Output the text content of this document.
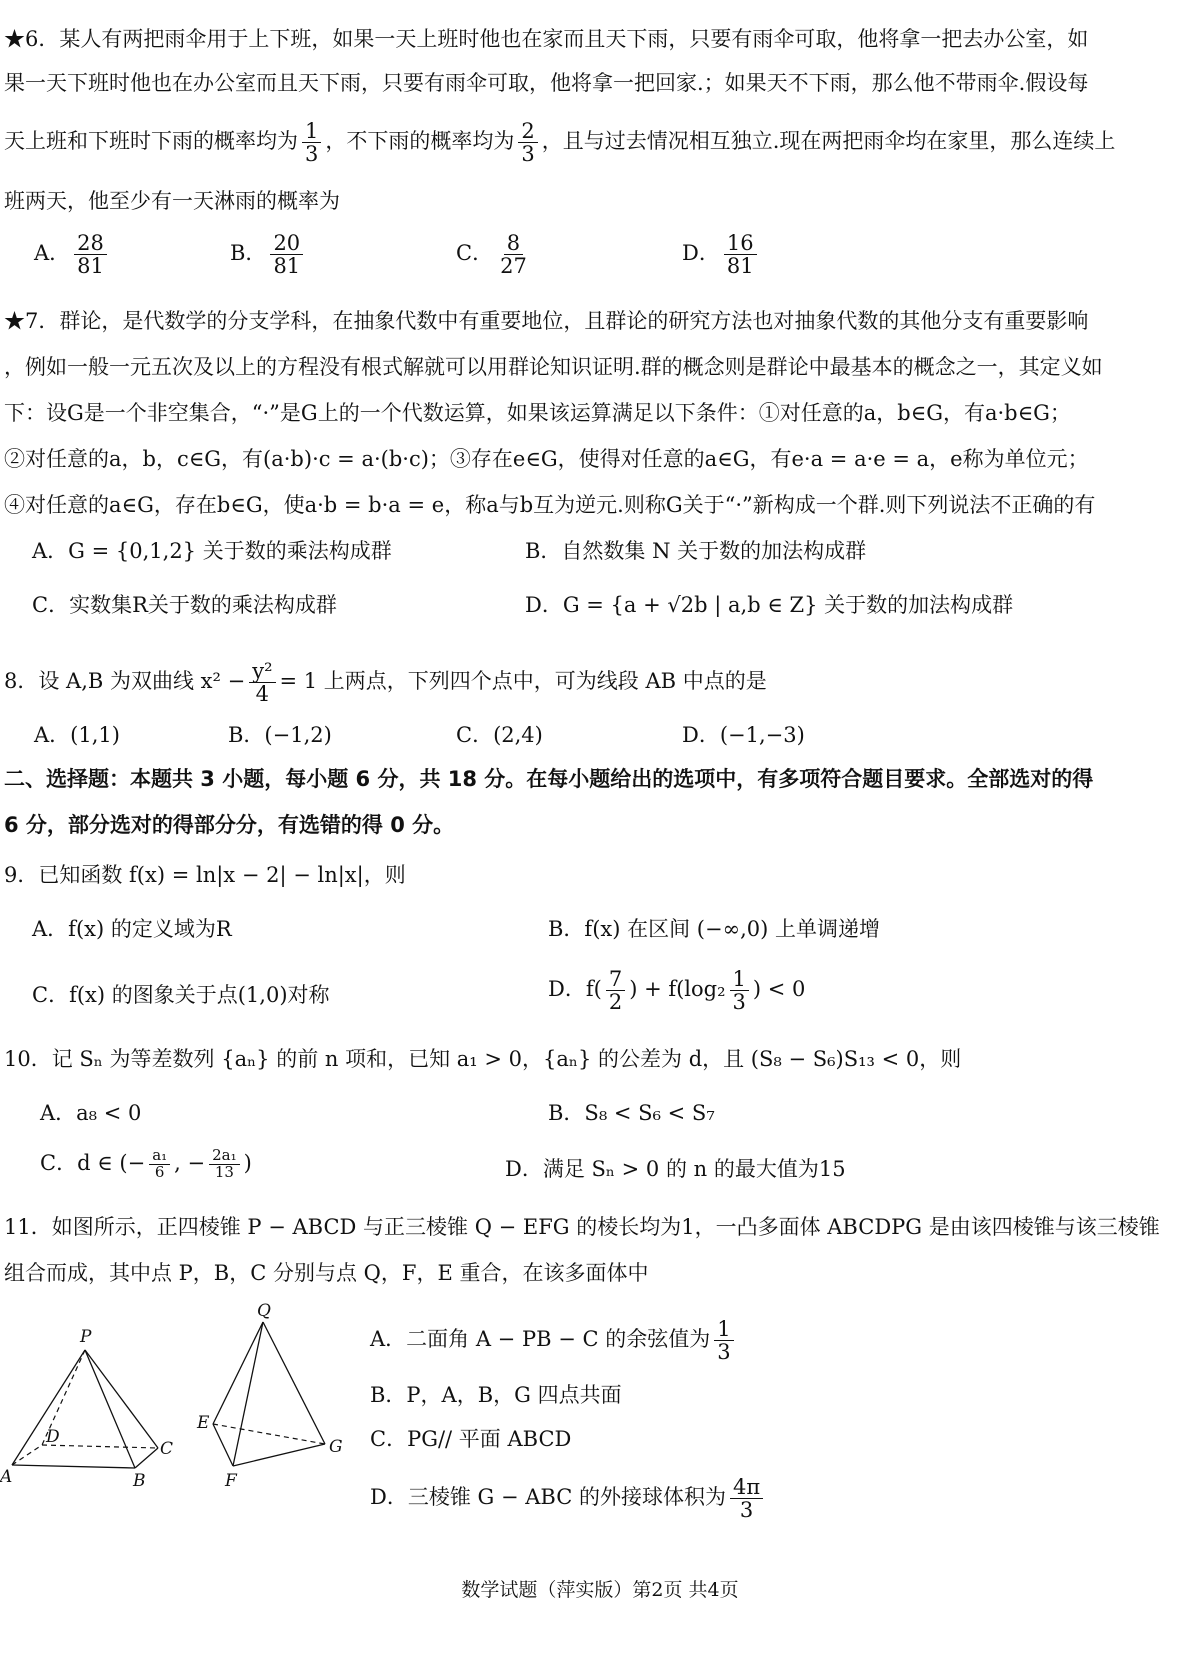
★6．某人有两把雨伞用于上下班，如果一天上班时他也在家而且天下雨，只要有雨伞可取，他将拿一把去办公室，如
果一天下班时他也在办公室而且天下雨，只要有雨伞可取，他将拿一把回家.；如果天不下雨，那么他不带雨伞.假设每
天上班和下班时下雨的概率均为 $\frac{1}{3}$ ，不下雨的概率均为 $\frac{2}{3}$ ，且与过去情况相互独立.现在两把雨伞均在家里，那么连续上
班两天，他至少有一天淋雨的概率为
A． $\frac{28}{81}$	B． $\frac{20}{81}$	C． $\frac{8}{27}$	D． $\frac{16}{81}$
★7．群论，是代数学的分支学科，在抽象代数中有重要地位，且群论的研究方法也对抽象代数的其他分支有重要影响
，例如一般一元五次及以上的方程没有根式解就可以用群论知识证明.群的概念则是群论中最基本的概念之一，其定义如
下：设G是一个非空集合，“·”是G上的一个代数运算，如果该运算满足以下条件：①对任意的a，b∈G，有a·b∈G；
②对任意的a，b，c∈G，有(a·b)·c = a·(b·c)；③存在e∈G，使得对任意的a∈G，有e·a = a·e = a，e称为单位元；
④对任意的a∈G，存在b∈G，使a·b = b·a = e，称a与b互为逆元.则称G关于“·”新构成一个群.则下列说法不正确的有
A．G = {0,1,2} 关于数的乘法构成群	B．自然数集 N 关于数的加法构成群
C．实数集R关于数的乘法构成群	D．G = {a + √2b | a,b ∈ Z} 关于数的加法构成群
8．设 A,B 为双曲线 $x^2 - \frac{\text{y²}}{4} = 1$ 上两点，下列四个点中，可为线段 AB 中点的是
A．(1,1)	B．(−1,2)	C．(2,4)	D．(−1,−3)
二、选择题：本题共 3 小题，每小题 6 分，共 18 分。在每小题给出的选项中，有多项符合题目要求。全部选对的得
6 分，部分选对的得部分分，有选错的得 0 分。
9．已知函数 f(x) = ln|x − 2| − ln|x|，则
A．f(x) 的定义域为R	B．f(x) 在区间 (−∞,0) 上单调递增
C．f(x) 的图象关于点(1,0)对称	D．$f( \frac{7}{2}$ ) + $f(\log_2 \frac{1}{3}$ ) < 0
10．记 Sₙ 为等差数列 {aₙ} 的前 n 项和，已知 a₁ > 0，{aₙ} 的公差为 d，且 (S₈ − S₆)S₁₃ < 0，则
A．a₈ < 0	B．S₈ < S₆ < S₇
C．d ∈ (− $\frac{\text{a₁}}{6}$ , − $\frac{\text{2a₁}}{13}$ )	D．满足 Sₙ > 0 的 n 的最大值为15
11．如图所示，正四棱锥 P − ABCD 与正三棱锥 Q − EFG 的棱长均为1，一凸多面体 ABCDPG 是由该四棱锥与该三棱锥
组合而成，其中点 P，B，C 分别与点 Q，F，E 重合，在该多面体中
P
D
C
A	B
Q
E
G
F
A．二面角 A − PB − C 的余弦值为 $\frac{1}{3}$
B．P，A，B，G 四点共面
C．PG// 平面 ABCD
D．三棱锥 G − ABC 的外接球体积为 $\frac{4\pi}{3}$
数学试题（萍实版）第2页 共4页
